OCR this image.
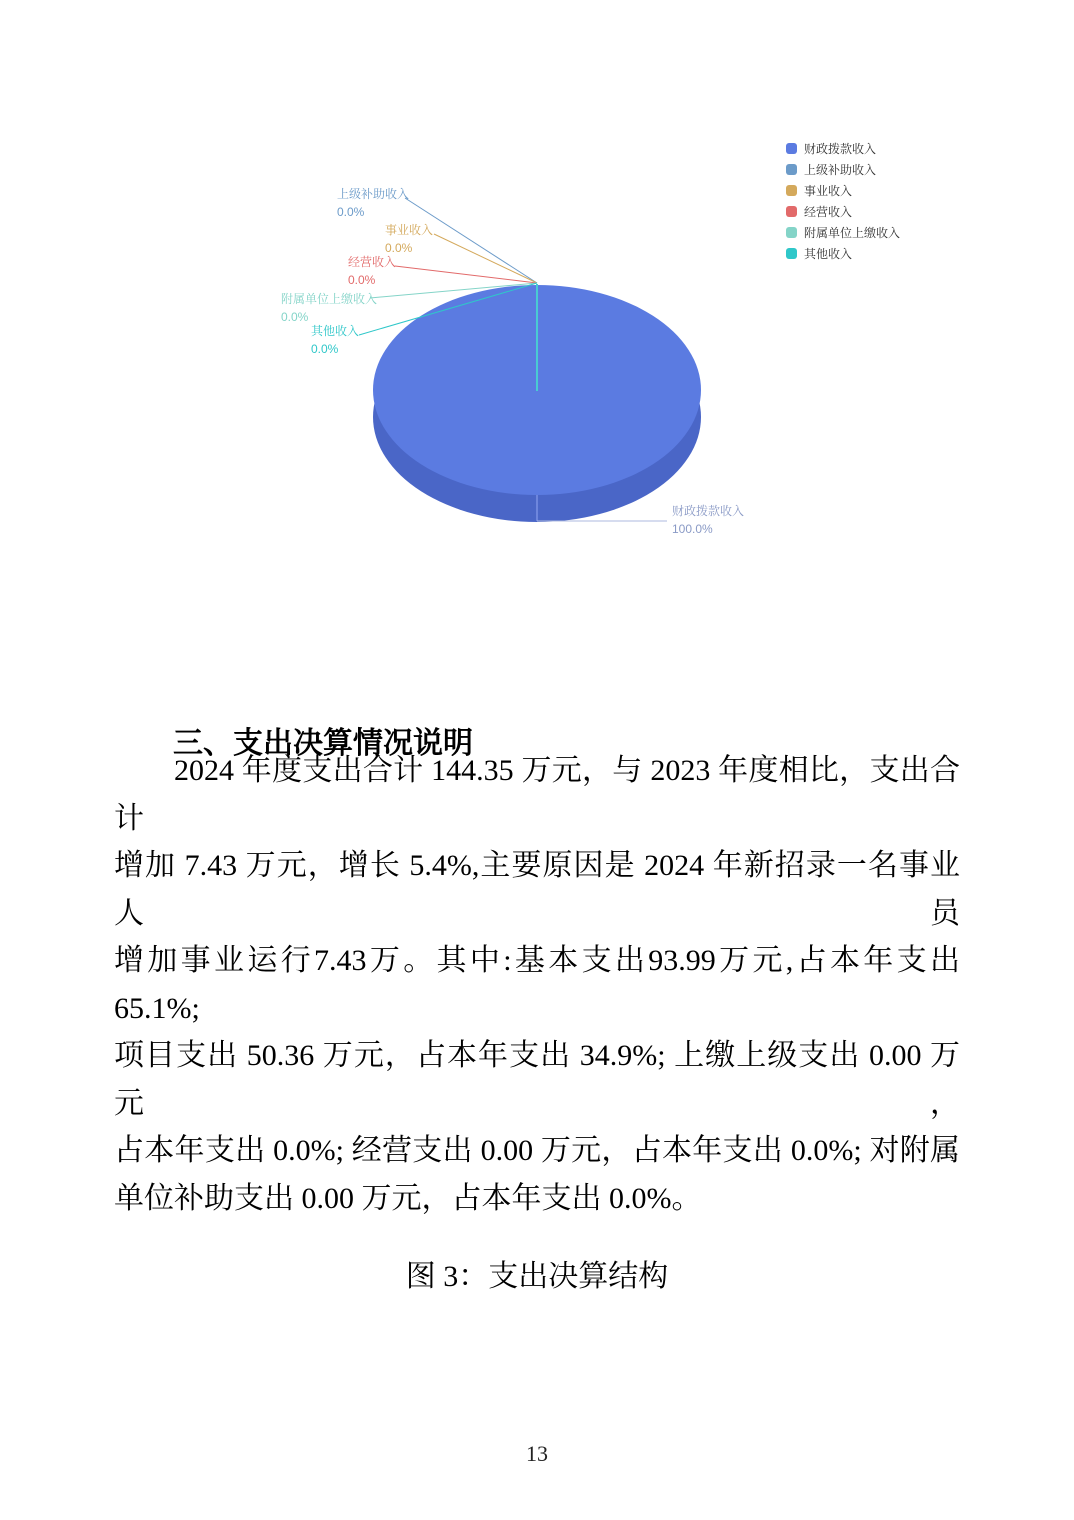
财政拨款收入
上级补助收入
事业收入
经营收入
附属单位上缴收入
其他收入
上级补助收入
0.0%
事业收入
0.0%
经营收入
0.0%
附属单位上缴收入
0.0%
其他收入
0.0%
财政拨款收入
100.0%
三、支出决算情况说明
2024 年度支出合计 144.35 万元，与 2023 年度相比，支出合计
增加 7.43 万元，增长 5.4%,主要原因是 2024 年新招录一名事业人员
增加事业运行7.43万。其中:基本支出93.99万元,占本年支出65.1%;
项目支出 50.36 万元，占本年支出 34.9%; 上缴上级支出 0.00 万元，
占本年支出 0.0%; 经营支出 0.00 万元，占本年支出 0.0%; 对附属
单位补助支出 0.00 万元，占本年支出 0.0%。
图 3：支出决算结构
13
